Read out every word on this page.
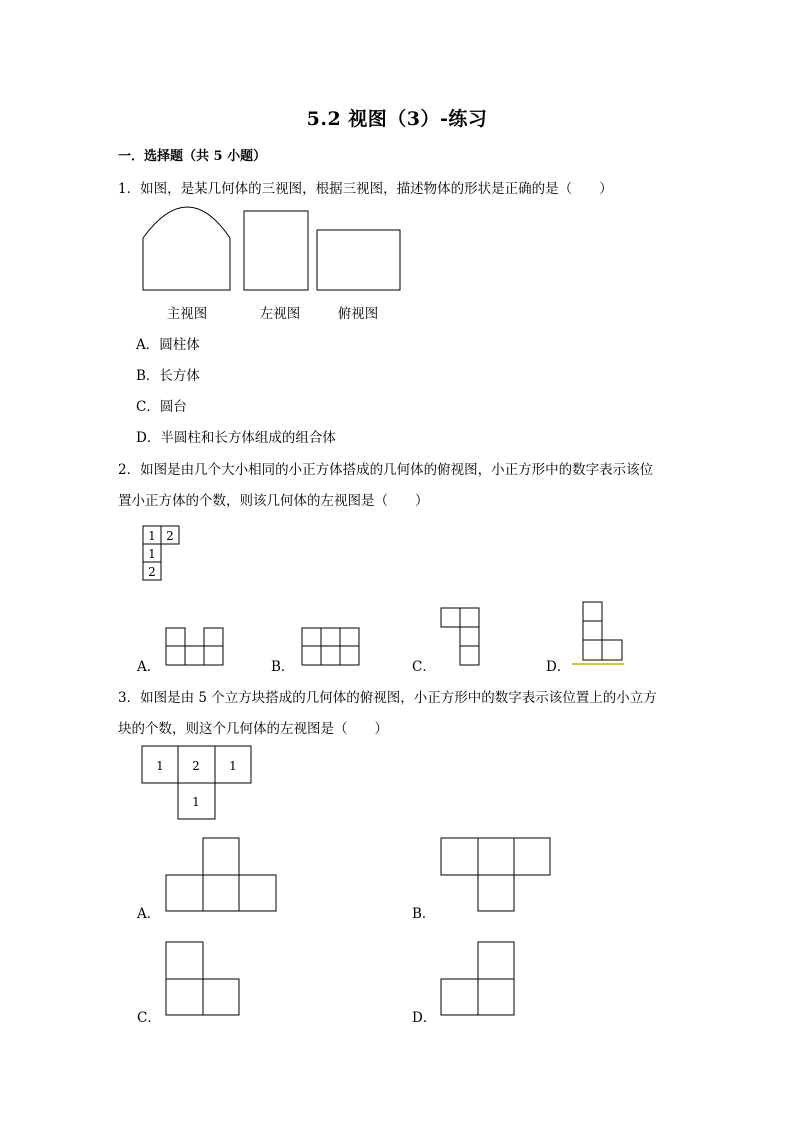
5.2 视图（3）-练习
一．选择题（共 5 小题）
1．如图，是某几何体的三视图，根据三视图，描述物体的形状是正确的是（　　）
主视图	左视图	俯视图
A．圆柱体
B．长方体
C．圆台
D．半圆柱和长方体组成的组合体
2．如图是由几个大小相同的小正方体搭成的几何体的俯视图，小正方形中的数字表示该位
置小正方体的个数，则该几何体的左视图是（　　）
A．	B．	C．	D．
3．如图是由 5 个立方块搭成的几何体的俯视图，小正方形中的数字表示该位置上的小立方
块的个数，则这个几何体的左视图是（　　）
A．	B．
C．	D．
1 2
1
2
1 2 1
1
